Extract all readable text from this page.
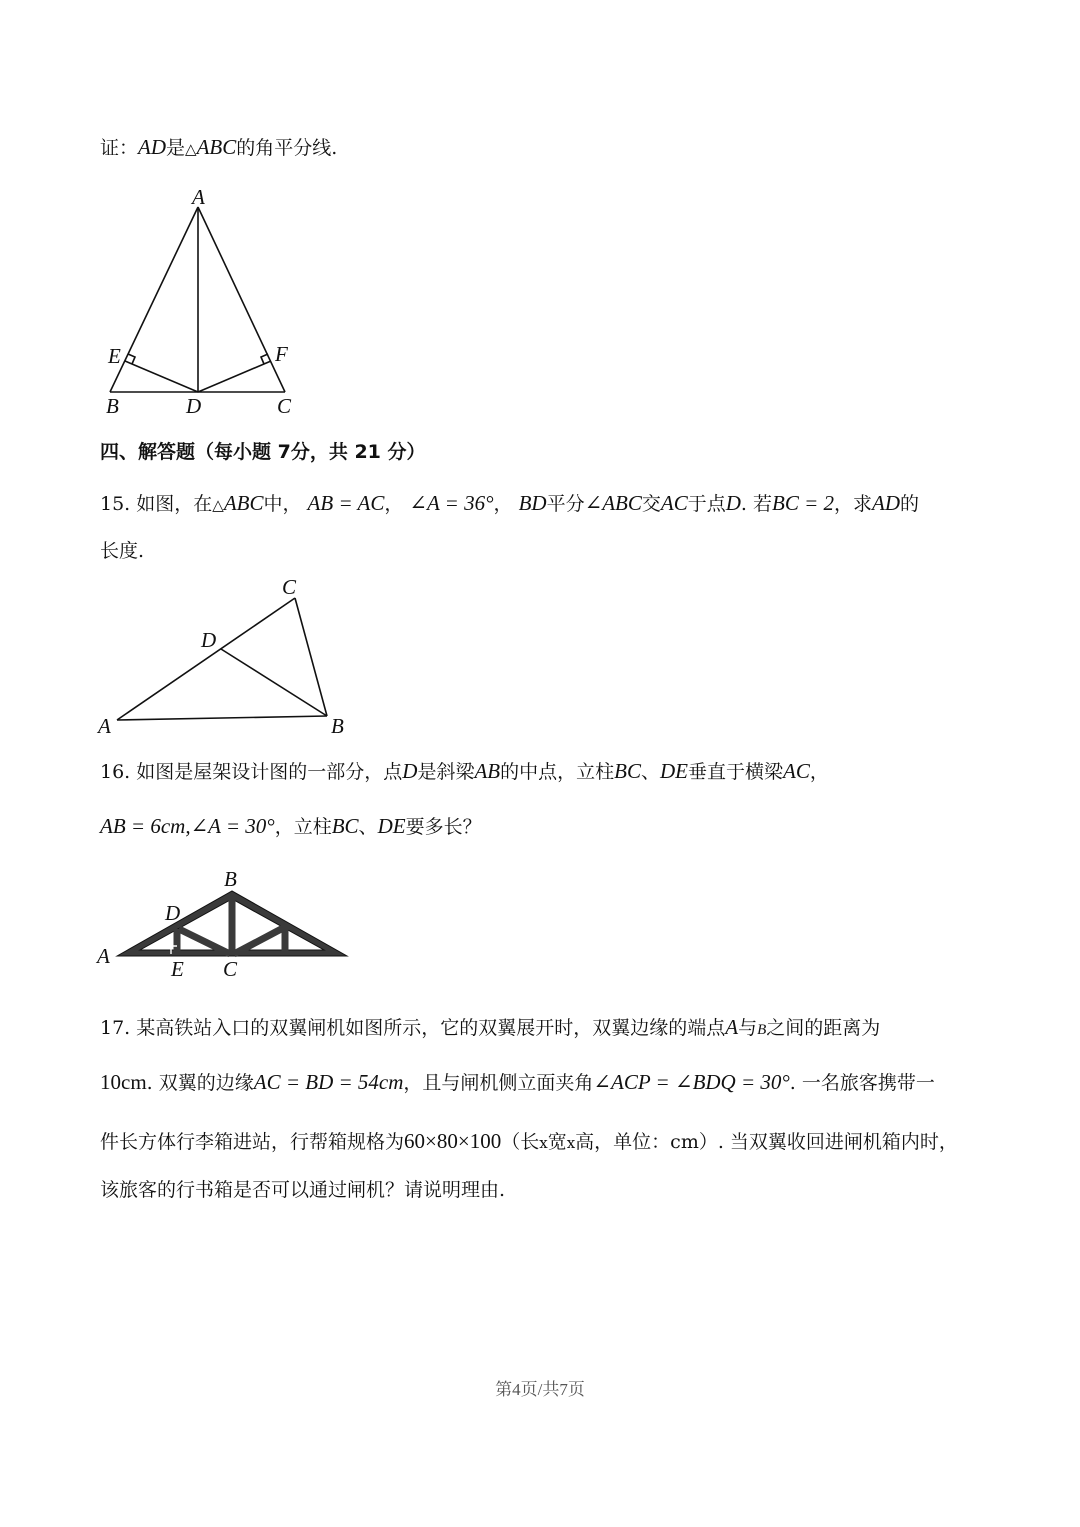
证：AD是△ABC的角平分线.
A
B	C
D
E	F
四、解答题（每小题 7分，共 21 分）
15. 如图，在△ABC中， AB = AC， ∠A = 36°， BD平分∠ABC交AC于点D. 若BC = 2，求AD的
长度.
C
D
A	B
16. 如图是屋架设计图的一部分，点D是斜梁AB的中点，立柱BC、DE垂直于横梁AC，
AB = 6cm,∠A = 30°，立柱BC、DE要多长？
B
D
A
E C
17. 某高铁站入口的双翼闸机如图所示，它的双翼展开时，双翼边缘的端点A与B之间的距离为
10cm. 双翼的边缘AC = BD = 54cm，且与闸机侧立面夹角∠ACP = ∠BDQ = 30°. 一名旅客携带一
件长方体行李箱进站，行帮箱规格为60×80×100（长x宽x高，单位：cm）. 当双翼收回进闸机箱内时，
该旅客的行书箱是否可以通过闸机？请说明理由.
第4页/共7页
